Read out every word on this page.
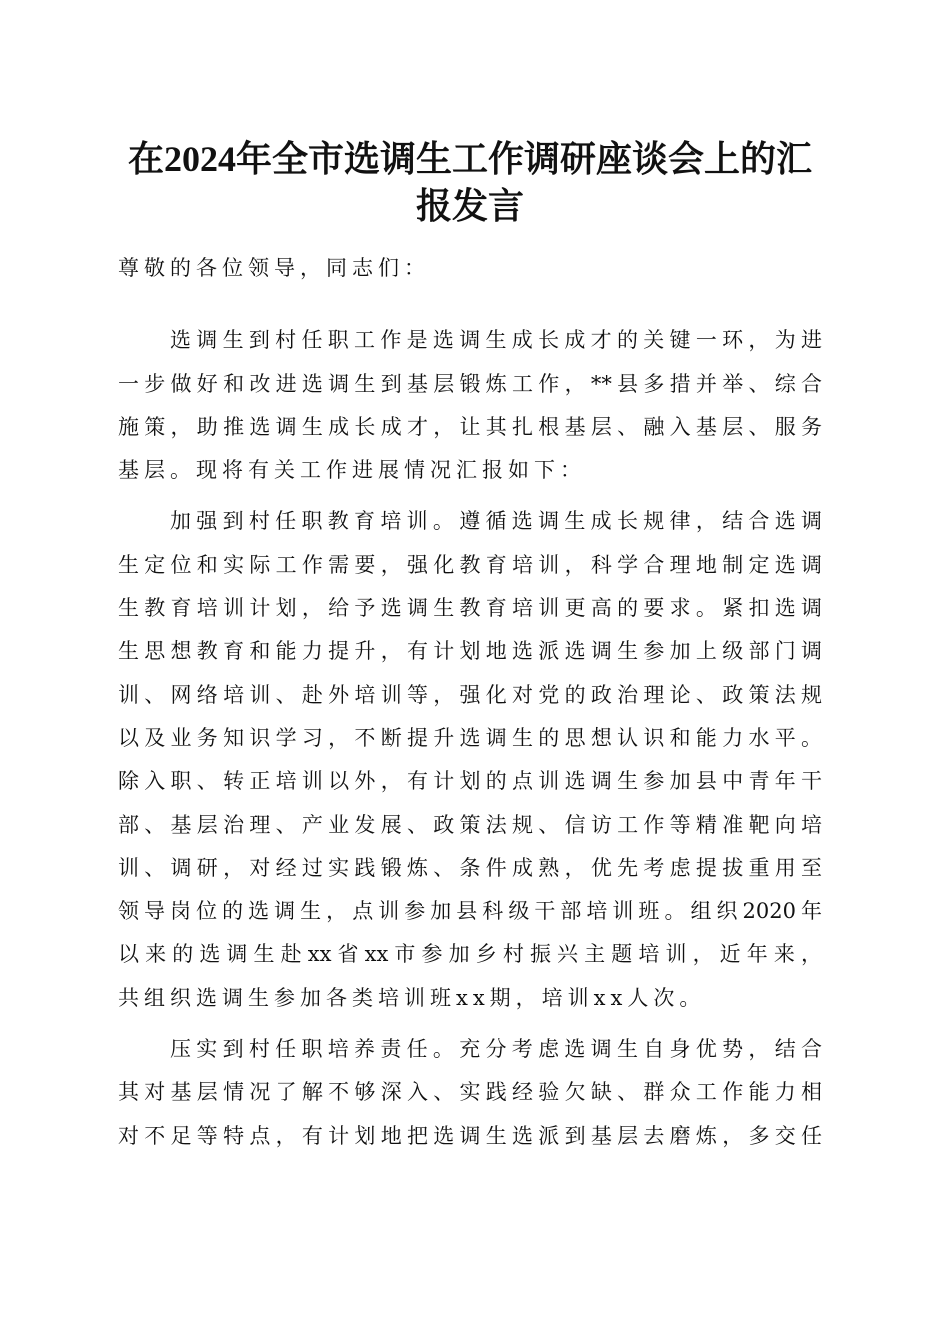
在2024年全市选调生工作调研座谈会上的汇
报发言
尊敬的各位领导，同志们：
选调生到村任职工作是选调生成长成才的关键一环，为进
一步做好和改进选调生到基层锻炼工作，**县多措并举、综合
施策，助推选调生成长成才，让其扎根基层、融入基层、服务
基层。现将有关工作进展情况汇报如下：
加强到村任职教育培训。遵循选调生成长规律，结合选调
生定位和实际工作需要，强化教育培训，科学合理地制定选调
生教育培训计划，给予选调生教育培训更高的要求。紧扣选调
生思想教育和能力提升，有计划地选派选调生参加上级部门调
训、网络培训、赴外培训等，强化对党的政治理论、政策法规
以及业务知识学习，不断提升选调生的思想认识和能力水平。
除入职、转正培训以外，有计划的点训选调生参加县中青年干
部、基层治理、产业发展、政策法规、信访工作等精准靶向培
训、调研，对经过实践锻炼、条件成熟，优先考虑提拔重用至
领导岗位的选调生，点训参加县科级干部培训班。组织2020年
以来的选调生赴xx省xx市参加乡村振兴主题培训，近年来，
共组织选调生参加各类培训班xx期，培训xx人次。
压实到村任职培养责任。充分考虑选调生自身优势，结合
其对基层情况了解不够深入、实践经验欠缺、群众工作能力相
对不足等特点，有计划地把选调生选派到基层去磨炼，多交任
